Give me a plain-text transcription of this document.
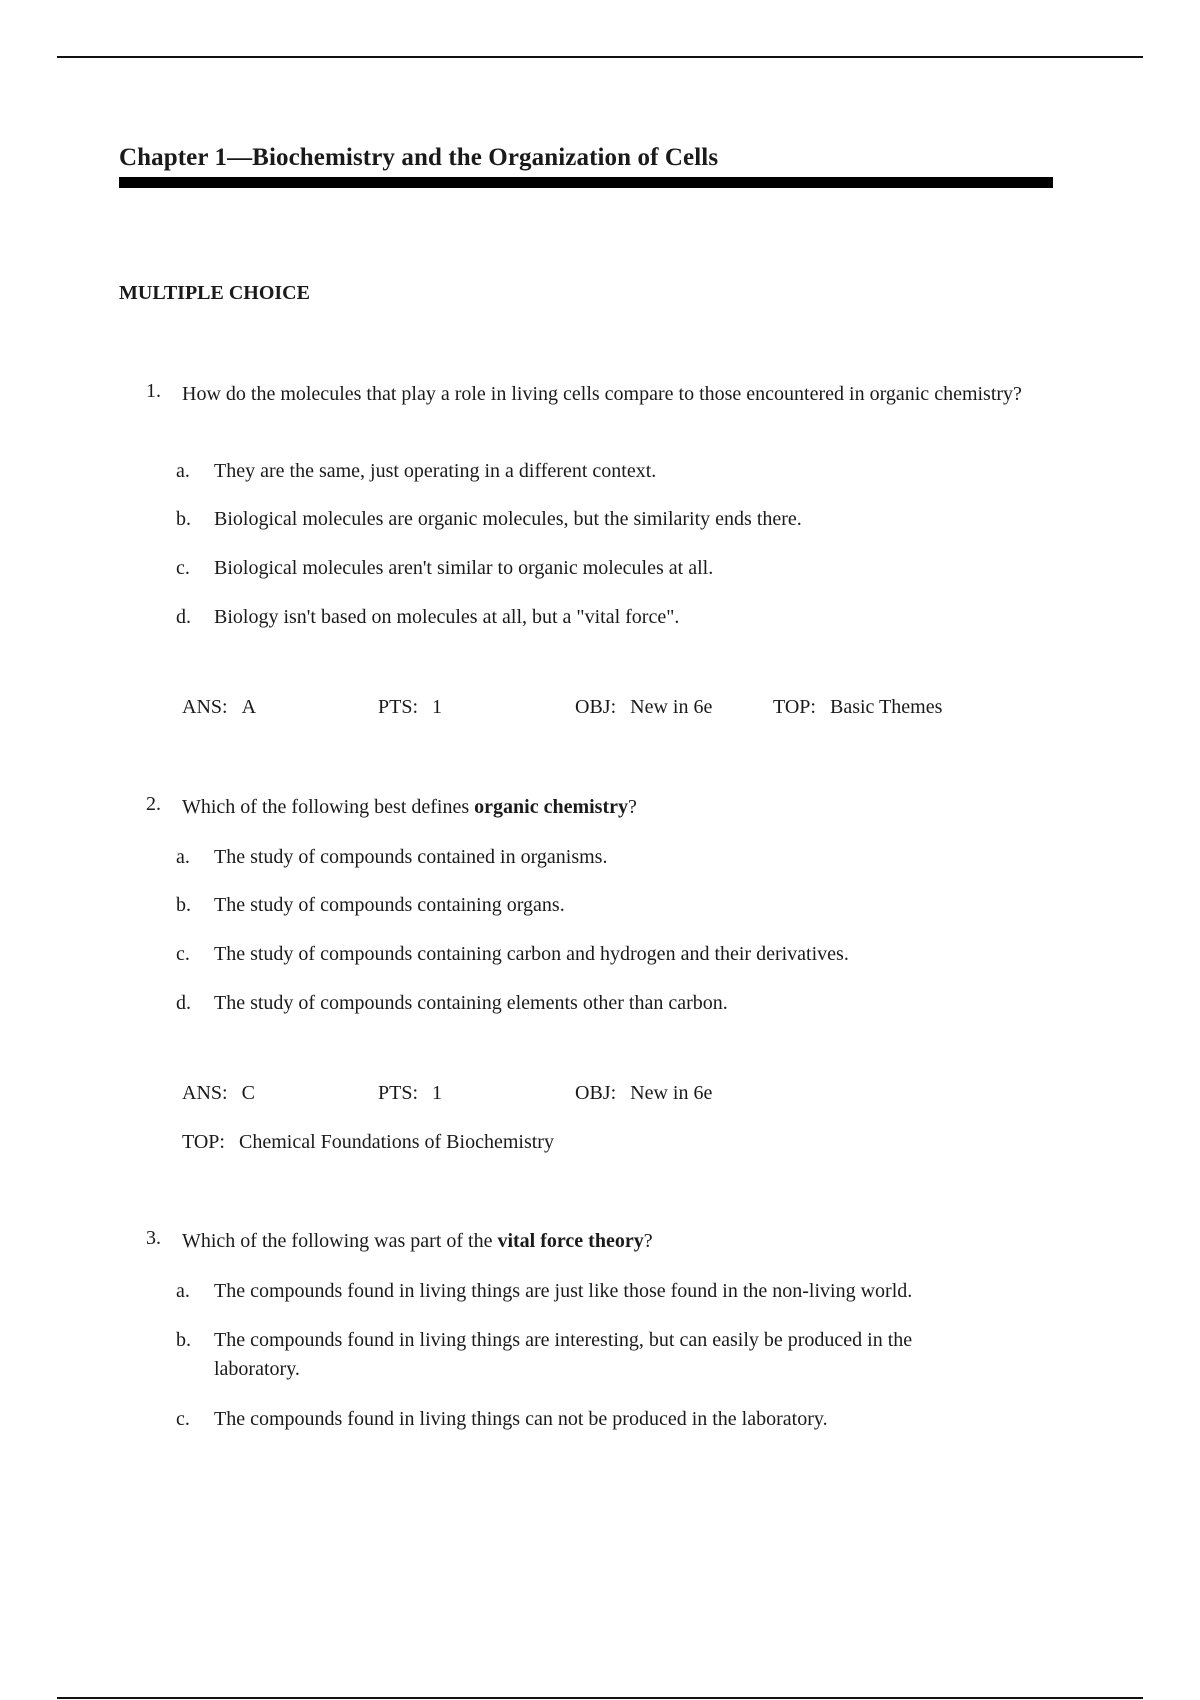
Chapter 1—Biochemistry and the Organization of Cells
MULTIPLE CHOICE
1. How do the molecules that play a role in living cells compare to those encountered in organic chemistry?
a. They are the same, just operating in a different context.
b. Biological molecules are organic molecules, but the similarity ends there.
c. Biological molecules aren't similar to organic molecules at all.
d. Biology isn't based on molecules at all, but a "vital force".
ANS: A	PTS: 1	OBJ: New in 6e	TOP: Basic Themes
2. Which of the following best defines organic chemistry?
a. The study of compounds contained in organisms.
b. The study of compounds containing organs.
c. The study of compounds containing carbon and hydrogen and their derivatives.
d. The study of compounds containing elements other than carbon.
ANS: C	PTS: 1	OBJ: New in 6e
TOP: Chemical Foundations of Biochemistry
3. Which of the following was part of the vital force theory?
a. The compounds found in living things are just like those found in the non-living world.
b. The compounds found in living things are interesting, but can easily be produced in the laboratory.
c. The compounds found in living things can not be produced in the laboratory.
